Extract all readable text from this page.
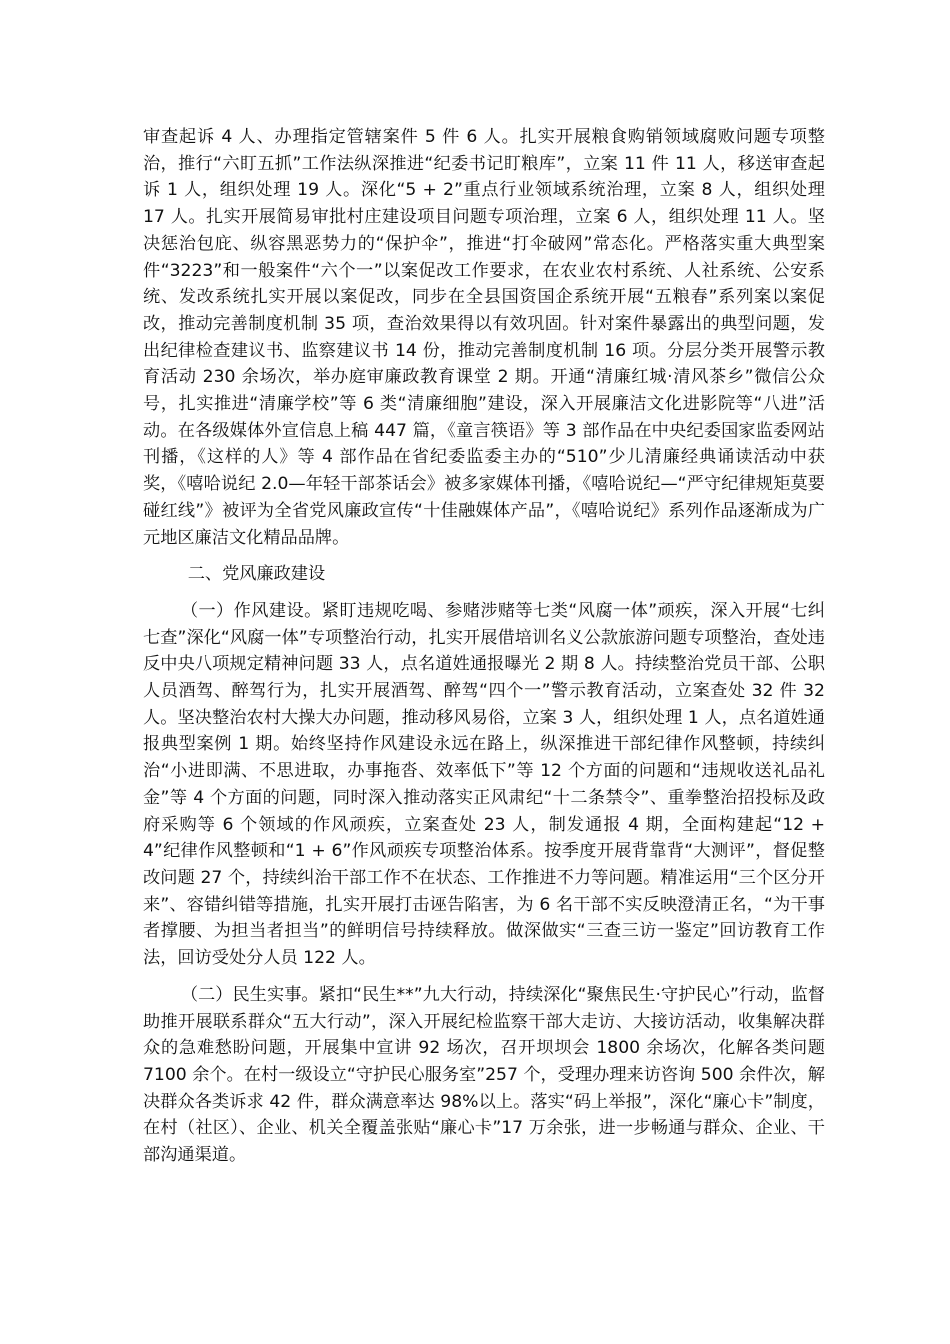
审查起诉 4 人、办理指定管辖案件 5 件 6 人。扎实开展粮食购销领域腐败问题专项整治，推行“六盯五抓”工作法纵深推进“纪委书记盯粮库”，立案 11 件 11 人，移送审查起诉 1 人，组织处理 19 人。深化“5 + 2”重点行业领域系统治理，立案 8 人，组织处理 17 人。扎实开展简易审批村庄建设项目问题专项治理，立案 6 人，组织处理 11 人。坚决惩治包庇、纵容黑恶势力的“保护伞”，推进“打伞破网”常态化。严格落实重大典型案件“3223”和一般案件“六个一”以案促改工作要求，在农业农村系统、人社系统、公安系统、发改系统扎实开展以案促改，同步在全县国资国企系统开展“五粮春”系列案以案促改，推动完善制度机制 35 项，查治效果得以有效巩固。针对案件暴露出的典型问题，发出纪律检查建议书、监察建议书 14 份，推动完善制度机制 16 项。分层分类开展警示教育活动 230 余场次，举办庭审廉政教育课堂 2 期。开通“清廉红城·清风茶乡”微信公众号，扎实推进“清廉学校”等 6 类“清廉细胞”建设，深入开展廉洁文化进影院等“八进”活动。在各级媒体外宣信息上稿 447 篇，《童言筷语》等 3 部作品在中央纪委国家监委网站刊播，《这样的人》等 4 部作品在省纪委监委主办的“510”少儿清廉经典诵读活动中获奖，《嘻哈说纪 2.0—年轻干部茶话会》被多家媒体刊播，《嘻哈说纪—“严守纪律规矩莫要碰红线”》被评为全省党风廉政宣传“十佳融媒体产品”，《嘻哈说纪》系列作品逐渐成为广元地区廉洁文化精品品牌。

二、党风廉政建设

（一）作风建设。紧盯违规吃喝、参赌涉赌等七类“风腐一体”顽疾，深入开展“七纠七查”深化“风腐一体”专项整治行动，扎实开展借培训名义公款旅游问题专项整治，查处违反中央八项规定精神问题 33 人，点名道姓通报曝光 2 期 8 人。持续整治党员干部、公职人员酒驾、醉驾行为，扎实开展酒驾、醉驾“四个一”警示教育活动，立案查处 32 件 32 人。坚决整治农村大操大办问题，推动移风易俗，立案 3 人，组织处理 1 人，点名道姓通报典型案例 1 期。始终坚持作风建设永远在路上，纵深推进干部纪律作风整顿，持续纠治“小进即满、不思进取，办事拖沓、效率低下”等 12 个方面的问题和“违规收送礼品礼金”等 4 个方面的问题，同时深入推动落实正风肃纪“十二条禁令”、重拳整治招投标及政府采购等 6 个领域的作风顽疾，立案查处 23 人，制发通报 4 期，全面构建起“12 + 4”纪律作风整顿和“1 + 6”作风顽疾专项整治体系。按季度开展背靠背“大测评”，督促整改问题 27 个，持续纠治干部工作不在状态、工作推进不力等问题。精准运用“三个区分开来”、容错纠错等措施，扎实开展打击诬告陷害，为 6 名干部不实反映澄清正名，“为干事者撑腰、为担当者担当”的鲜明信号持续释放。做深做实“三查三访一鉴定”回访教育工作法，回访受处分人员 122 人。

（二）民生实事。紧扣“民生**”九大行动，持续深化“聚焦民生·守护民心”行动，监督助推开展联系群众“五大行动”，深入开展纪检监察干部大走访、大接访活动，收集解决群众的急难愁盼问题，开展集中宣讲 92 场次，召开坝坝会 1800 余场次，化解各类问题 7100 余个。在村一级设立“守护民心服务室”257 个，受理办理来访咨询 500 余件次，解决群众各类诉求 42 件，群众满意率达 98%以上。落实“码上举报”，深化“廉心卡”制度，在村（社区）、企业、机关全覆盖张贴“廉心卡”17 万余张，进一步畅通与群众、企业、干部沟通渠道。
